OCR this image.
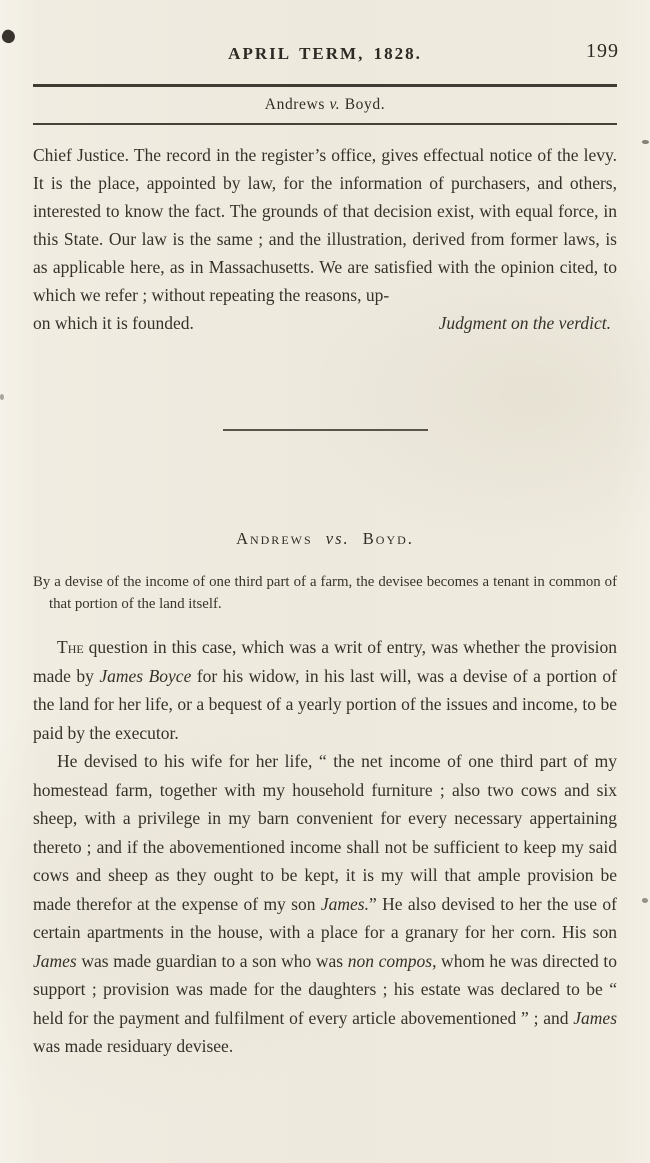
APRIL TERM, 1828.	199
Andrews v. Boyd.

Chief Justice. The record in the register’s office, gives effectual notice of the levy. It is the place, appointed by law, for the information of purchasers, and others, interested to know the fact. The grounds of that decision exist, with equal force, in this State. Our law is the same ; and the illustration, derived from former laws, is as applicable here, as in Massachusetts. We are satisfied with the opinion cited, to which we refer ; without repeating the reasons, up-

on which it is founded.	Judgment on the verdict.
Andrews vs. Boyd.

By a devise of the income of one third part of a farm, the devisee becomes a tenant in common of that portion of the land itself.

The question in this case, which was a writ of entry, was whether the provision made by James Boyce for his widow, in his last will, was a devise of a portion of the land for her life, or a bequest of a yearly portion of the issues and income, to be paid by the executor.

He devised to his wife for her life, “ the net income of one third part of my homestead farm, together with my household furniture ; also two cows and six sheep, with a privilege in my barn convenient for every necessary appertaining thereto ; and if the abovementioned income shall not be sufficient to keep my said cows and sheep as they ought to be kept, it is my will that ample provision be made therefor at the expense of my son James.” He also devised to her the use of certain apartments in the house, with a place for a granary for her corn. His son James was made guardian to a son who was non compos, whom he was directed to support ; provision was made for the daughters ; his estate was declared to be “ held for the payment and fulfilment of every article abovementioned ” ; and James was made residuary devisee.
